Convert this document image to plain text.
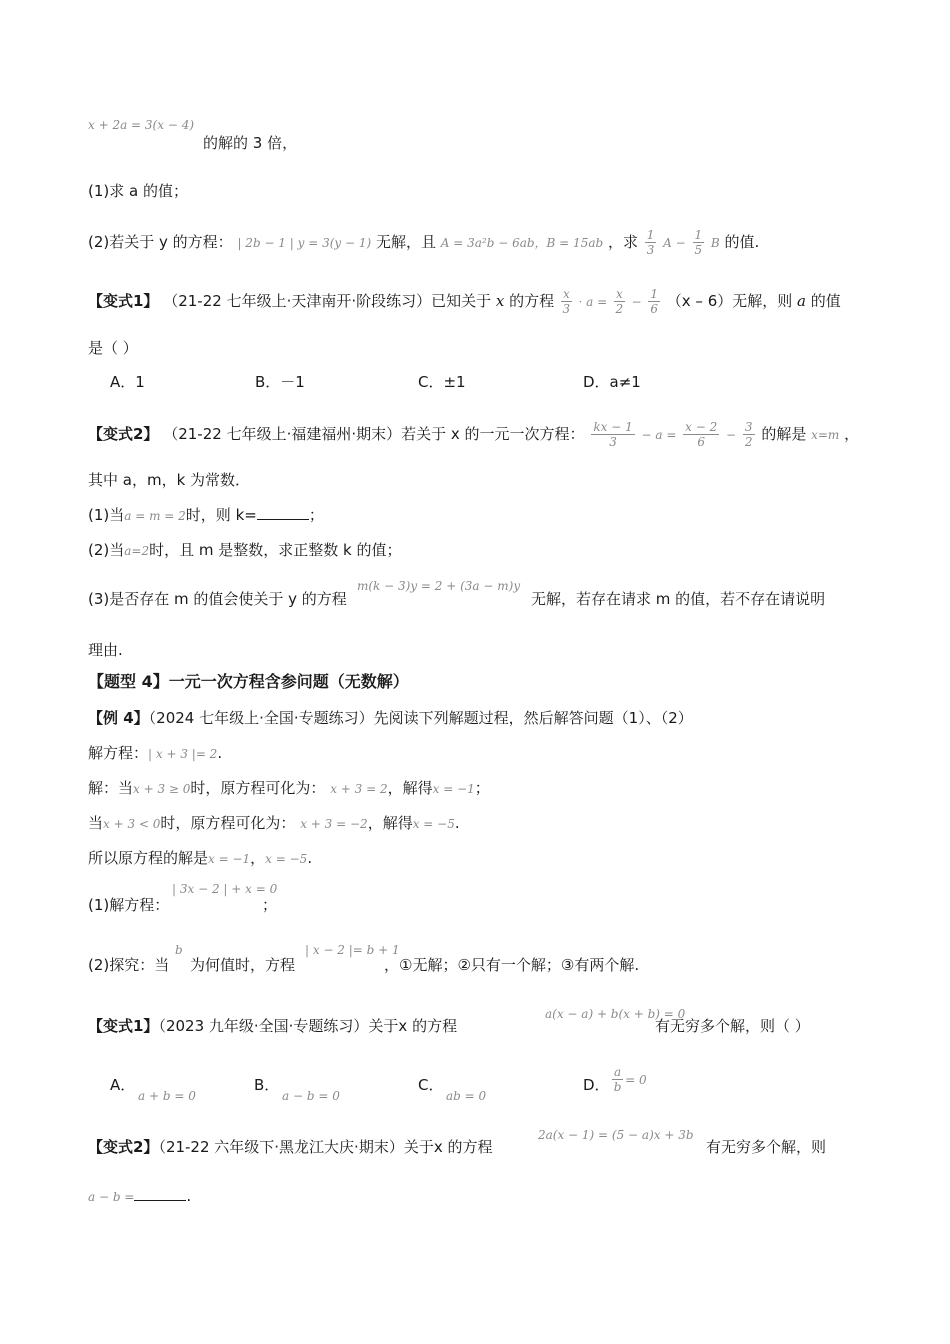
$^{x + 2a = 3(x - 4)}$
的解的 3 倍，
(1)求 a 的值；
(2)若关于 y 的方程： | 2b − 1 | y = 3(y − 1) 无解，且 A = 3a²b − 6ab，B = 15ab ，求 $\frac{1}{3}$ $A - \frac{1}{5}$ B 的值.
【变式1】 （21-22 七年级上·天津南开·阶段练习）已知关于 x 的方程 $\frac{x}{3} \cdot a = \frac{x}{2} - \frac{1}{6} (x - 6)$无解，则 a 的值
是（ ）
A．1	B．－1	C．±1	D．a≠1
【变式2】 （21-22 七年级上·福建福州·期末）若关于 x 的一元一次方程： $\frac{kx - 1}{3} - a = \frac{x - 2}{6} - \frac{3}{2}$ 的解是 x=m ，
其中 a，m，k 为常数．
(1)当a = m = 2时，则 k=	；
(2)当a=2时，且 m 是整数，求正整数 k 的值；
m(k − 3)y = 2 + (3a − m)y
(3)是否存在 m 的值会使关于 y 的方程	无解，若存在请求 m 的值，若不存在请说明
理由.
【题型 4】一元一次方程含参问题（无数解）
【例 4】（2024 七年级上·全国·专题练习）先阅读下列解题过程，然后解答问题（1）、（2）
解方程：| x + 3 |= 2.
解：当x + 3 ≥ 0时，原方程可化为： x + 3 = 2，解得x = −1；
当x + 3 < 0时，原方程可化为： x + 3 = −2，解得x = −5.
所以原方程的解是x = −1，x = −5.
| 3x − 2 | + x = 0
(1)解方程：	；
b	| x − 2 |= b + 1
(2)探究：当 为何值时，方程	，①无解；②只有一个解；③有两个解.
a(x − a) + b(x + b) = 0
【变式1】（2023 九年级·全国·专题练习）关于x 的方程	有无穷多个解，则（ ）
A．
a + b = 0
B．
a − b = 0
C．
ab = 0
D． $\frac{a}{b} = 0$
2a(x − 1) = (5 − a)x + 3b
【变式2】（21-22 六年级下·黑龙江大庆·期末）关于x 的方程	有无穷多个解，则
a − b =	.
